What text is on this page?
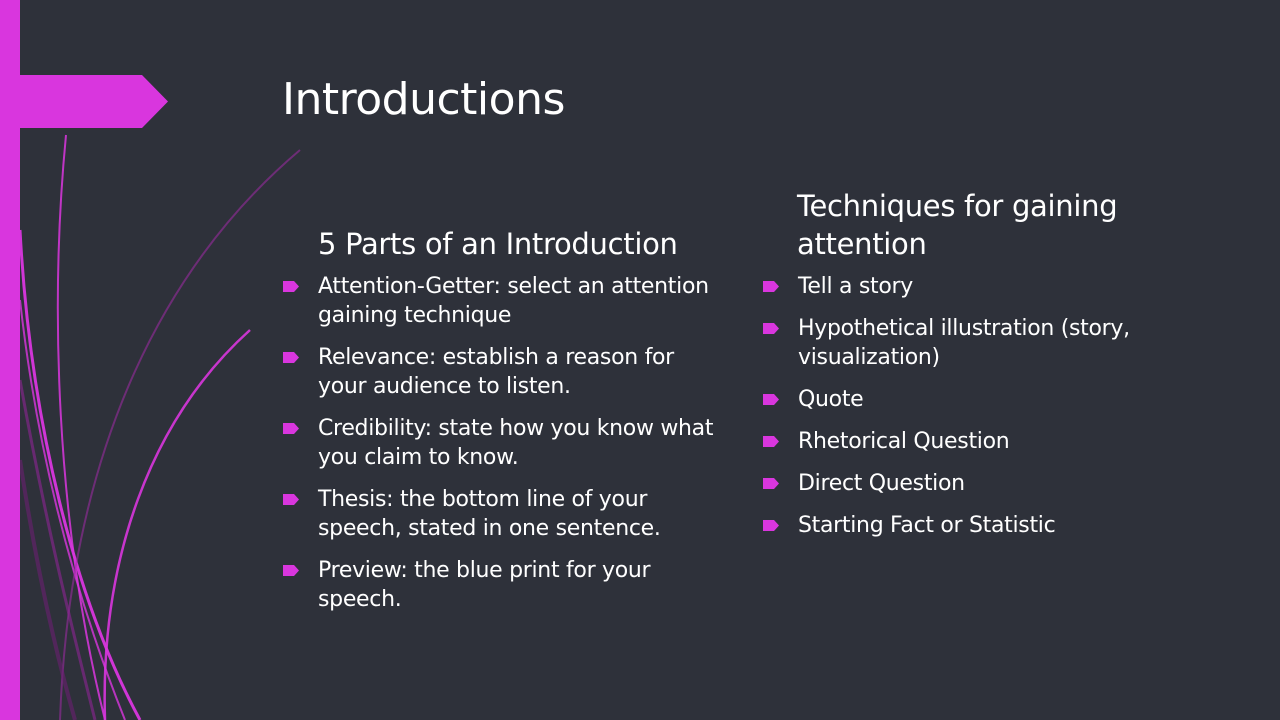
Introductions
5 Parts of an Introduction
Techniques for gaining attention
Attention-Getter: select an attention gaining technique
Relevance: establish a reason for your audience to listen.
Credibility: state how you know what you claim to know.
Thesis: the bottom line of your speech, stated in one sentence.
Preview: the blue print for your speech.
Tell a story
Hypothetical illustration (story, visualization)
Quote
Rhetorical Question
Direct Question
Starting Fact or Statistic
